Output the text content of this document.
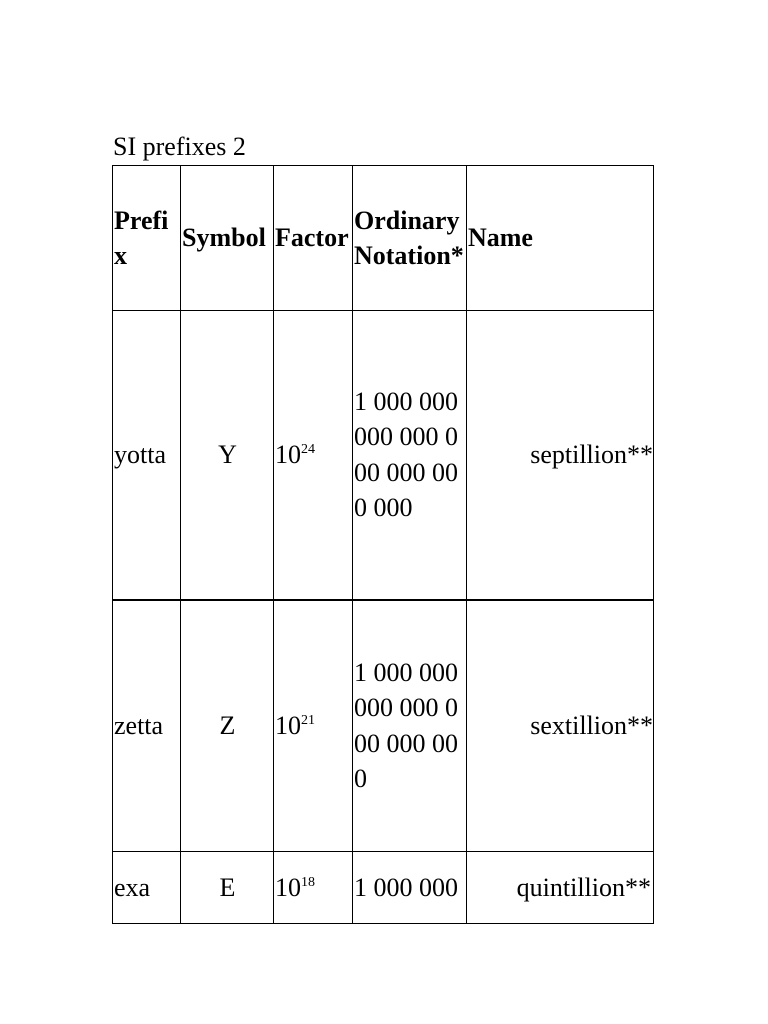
SI prefixes 2
Prefix	Symbol	Factor	Ordinary Notation*	Name
yotta	Y	$10^{24}$	1 000 000 000 000 000 000 000 000	septillion**
zetta	Z	$10^{21}$	1 000 000 000 000 000 000 000	sextillion**
exa	E	$10^{18}$	1 000 000	quintillion**
